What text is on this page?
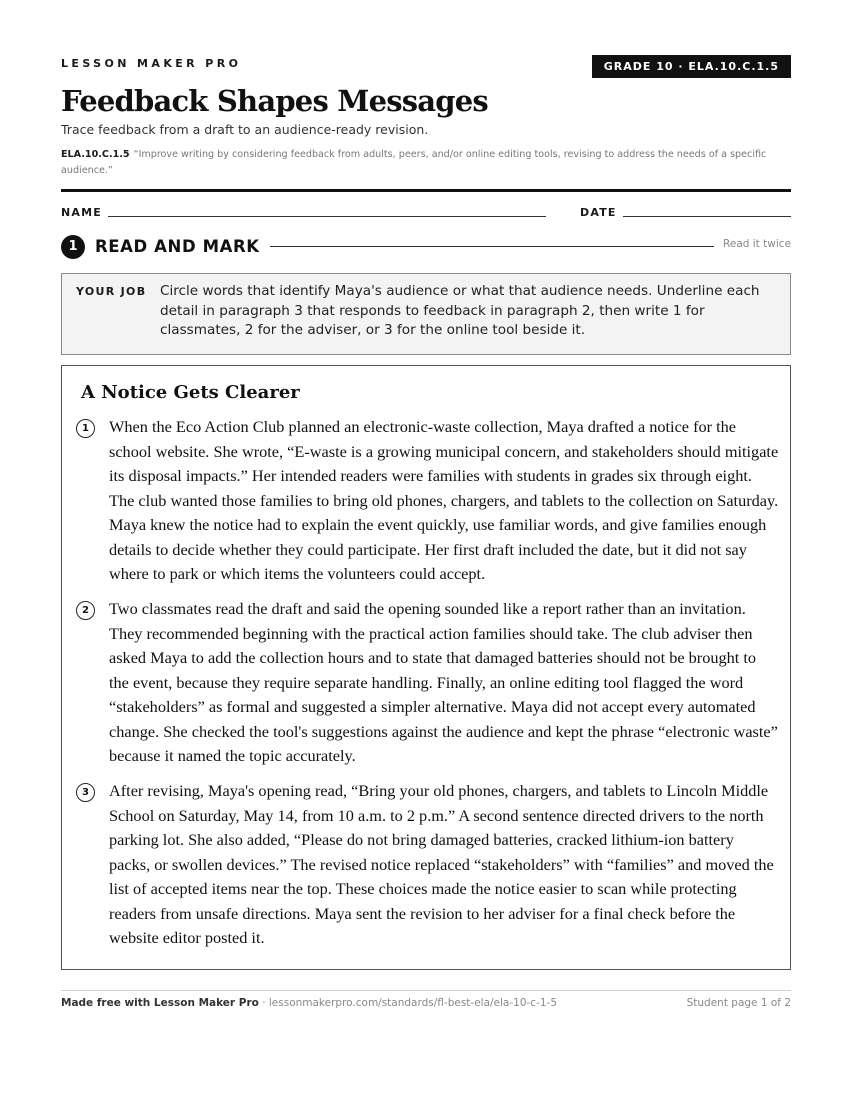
LESSON MAKER PRO	GRADE 10 · ELA.10.C.1.5
Feedback Shapes Messages
Trace feedback from a draft to an audience-ready revision.
ELA.10.C.1.5 “Improve writing by considering feedback from adults, peers, and/or online editing tools, revising to address the needs of a specific audience.”
NAME	DATE
1	READ AND MARK	Read it twice
YOUR JOB Circle words that identify Maya's audience or what that audience needs. Underline each detail in paragraph 3 that responds to feedback in paragraph 2, then write 1 for classmates, 2 for the adviser, or 3 for the online tool beside it.
A Notice Gets Clearer
1	When the Eco Action Club planned an electronic-waste collection, Maya drafted a notice for the school website. She wrote, “E-waste is a growing municipal concern, and stakeholders should mitigate its disposal impacts.” Her intended readers were families with students in grades six through eight. The club wanted those families to bring old phones, chargers, and tablets to the collection on Saturday. Maya knew the notice had to explain the event quickly, use familiar words, and give families enough details to decide whether they could participate. Her first draft included the date, but it did not say where to park or which items the volunteers could accept.

2	Two classmates read the draft and said the opening sounded like a report rather than an invitation. They recommended beginning with the practical action families should take. The club adviser then asked Maya to add the collection hours and to state that damaged batteries should not be brought to the event, because they require separate handling. Finally, an online editing tool flagged the word “stakeholders” as formal and suggested a simpler alternative. Maya did not accept every automated change. She checked the tool's suggestions against the audience and kept the phrase “electronic waste” because it named the topic accurately.

3	After revising, Maya's opening read, “Bring your old phones, chargers, and tablets to Lincoln Middle School on Saturday, May 14, from 10 a.m. to 2 p.m.” A second sentence directed drivers to the north parking lot. She also added, “Please do not bring damaged batteries, cracked lithium-ion battery packs, or swollen devices.” The revised notice replaced “stakeholders” with “families” and moved the list of accepted items near the top. These choices made the notice easier to scan while protecting readers from unsafe directions. Maya sent the revision to her adviser for a final check before the website editor posted it.

Made free with Lesson Maker Pro · lessonmakerpro.com/standards/fl-best-ela/ela-10-c-1-5	Student page 1 of 2
